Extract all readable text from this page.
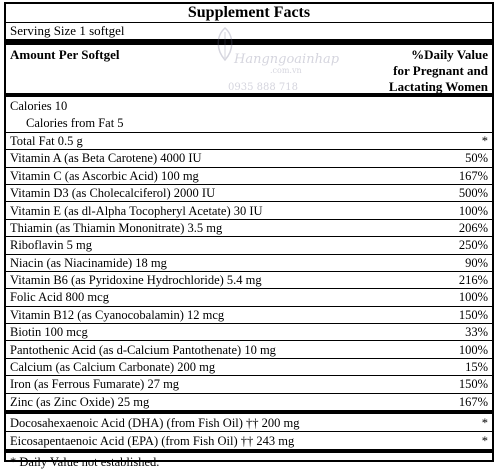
Supplement Facts
Serving Size 1 softgel
Amount Per Softgel	%Daily Value
for Pregnant and
Lactating Women
Calories 10
Calories from Fat 5
Total Fat 0.5 g	*
Vitamin A (as Beta Carotene) 4000 IU	50%
Vitamin C (as Ascorbic Acid) 100 mg	167%
Vitamin D3 (as Cholecalciferol) 2000 IU	500%
Vitamin E (as dl-Alpha Tocopheryl Acetate) 30 IU	100%
Thiamin (as Thiamin Mononitrate) 3.5 mg	206%
Riboflavin 5 mg	250%
Niacin (as Niacinamide) 18 mg	90%
Vitamin B6 (as Pyridoxine Hydrochloride) 5.4 mg	216%
Folic Acid 800 mcg	100%
Vitamin B12 (as Cyanocobalamin) 12 mcg	150%
Biotin 100 mcg	33%
Pantothenic Acid (as d-Calcium Pantothenate) 10 mg	100%
Calcium (as Calcium Carbonate) 200 mg	15%
Iron (as Ferrous Fumarate) 27 mg	150%
Zinc (as Zinc Oxide) 25 mg	167%
Docosahexaenoic Acid (DHA) (from Fish Oil) †† 200 mg	*
Eicosapentaenoic Acid (EPA) (from Fish Oil) †† 243 mg	*
* Daily Value not established.
Hangngoainhap
.com.vn
0935 888 718
